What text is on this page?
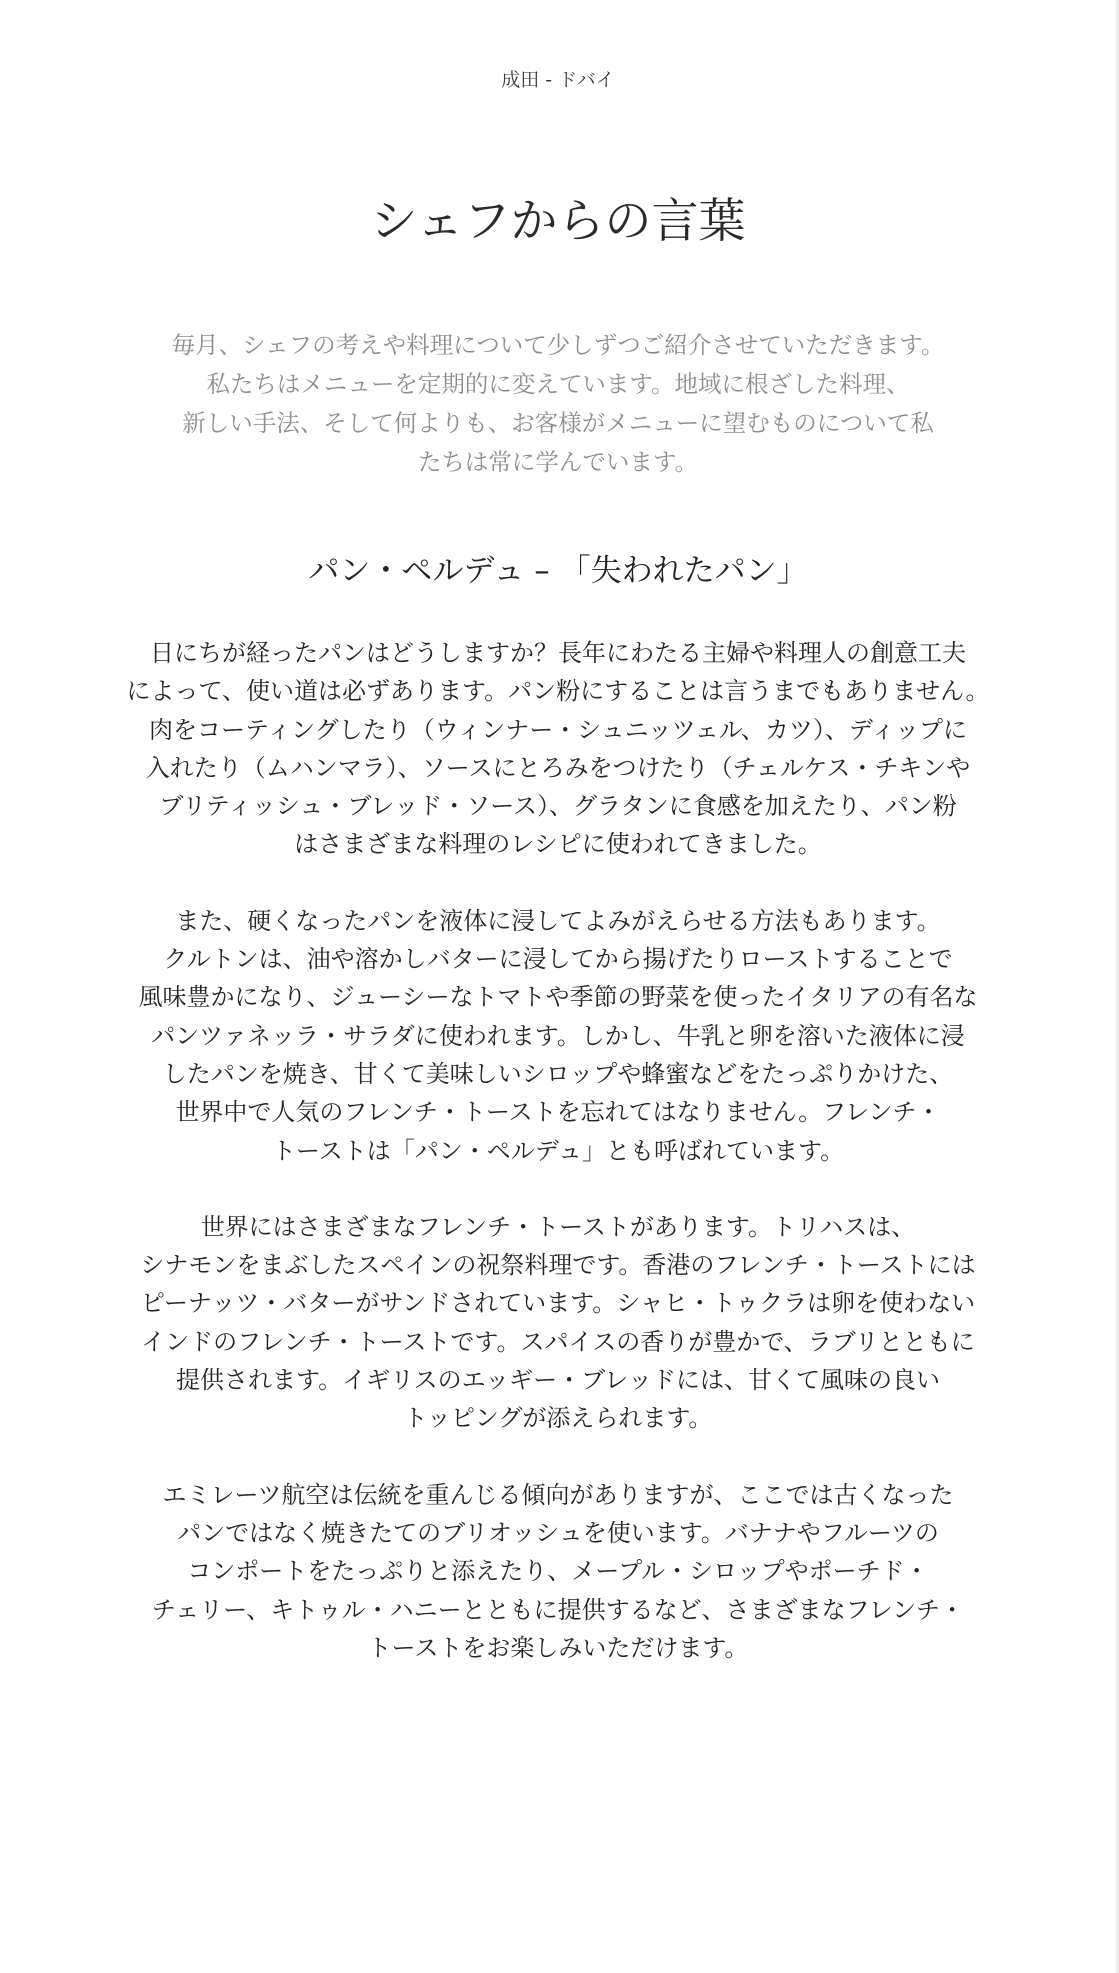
成田 - ドバイ
シェフからの言葉

毎月、シェフの考えや料理について少しずつご紹介させていただきます。
私たちはメニューを定期的に変えています。地域に根ざした料理、
新しい手法、そして何よりも、お客様がメニューに望むものについて私
たちは常に学んでいます。

パン・ペルデュ – 「失われたパン」

日にちが経ったパンはどうしますか？長年にわたる主婦や料理人の創意工夫
によって、使い道は必ずあります。パン粉にすることは言うまでもありません。
肉をコーティングしたり（ウィンナー・シュニッツェル、カツ）、ディップに
入れたり（ムハンマラ）、ソースにとろみをつけたり（チェルケス・チキンや
ブリティッシュ・ブレッド・ソース）、グラタンに食感を加えたり、パン粉
はさまざまな料理のレシピに使われてきました。

また、硬くなったパンを液体に浸してよみがえらせる方法もあります。
クルトンは、油や溶かしバターに浸してから揚げたりローストすることで
風味豊かになり、ジューシーなトマトや季節の野菜を使ったイタリアの有名な
パンツァネッラ・サラダに使われます。しかし、牛乳と卵を溶いた液体に浸
したパンを焼き、甘くて美味しいシロップや蜂蜜などをたっぷりかけた、
世界中で人気のフレンチ・トーストを忘れてはなりません。フレンチ・
トーストは「パン・ペルデュ」とも呼ばれています。

世界にはさまざまなフレンチ・トーストがあります。トリハスは、
シナモンをまぶしたスペインの祝祭料理です。香港のフレンチ・トーストには
ピーナッツ・バターがサンドされています。シャヒ・トゥクラは卵を使わない
インドのフレンチ・トーストです。スパイスの香りが豊かで、ラブリとともに
提供されます。イギリスのエッギー・ブレッドには、甘くて風味の良い
トッピングが添えられます。

エミレーツ航空は伝統を重んじる傾向がありますが、ここでは古くなった
パンではなく焼きたてのブリオッシュを使います。バナナやフルーツの
コンポートをたっぷりと添えたり、メープル・シロップやポーチド・
チェリー、キトゥル・ハニーとともに提供するなど、さまざまなフレンチ・
トーストをお楽しみいただけます。
